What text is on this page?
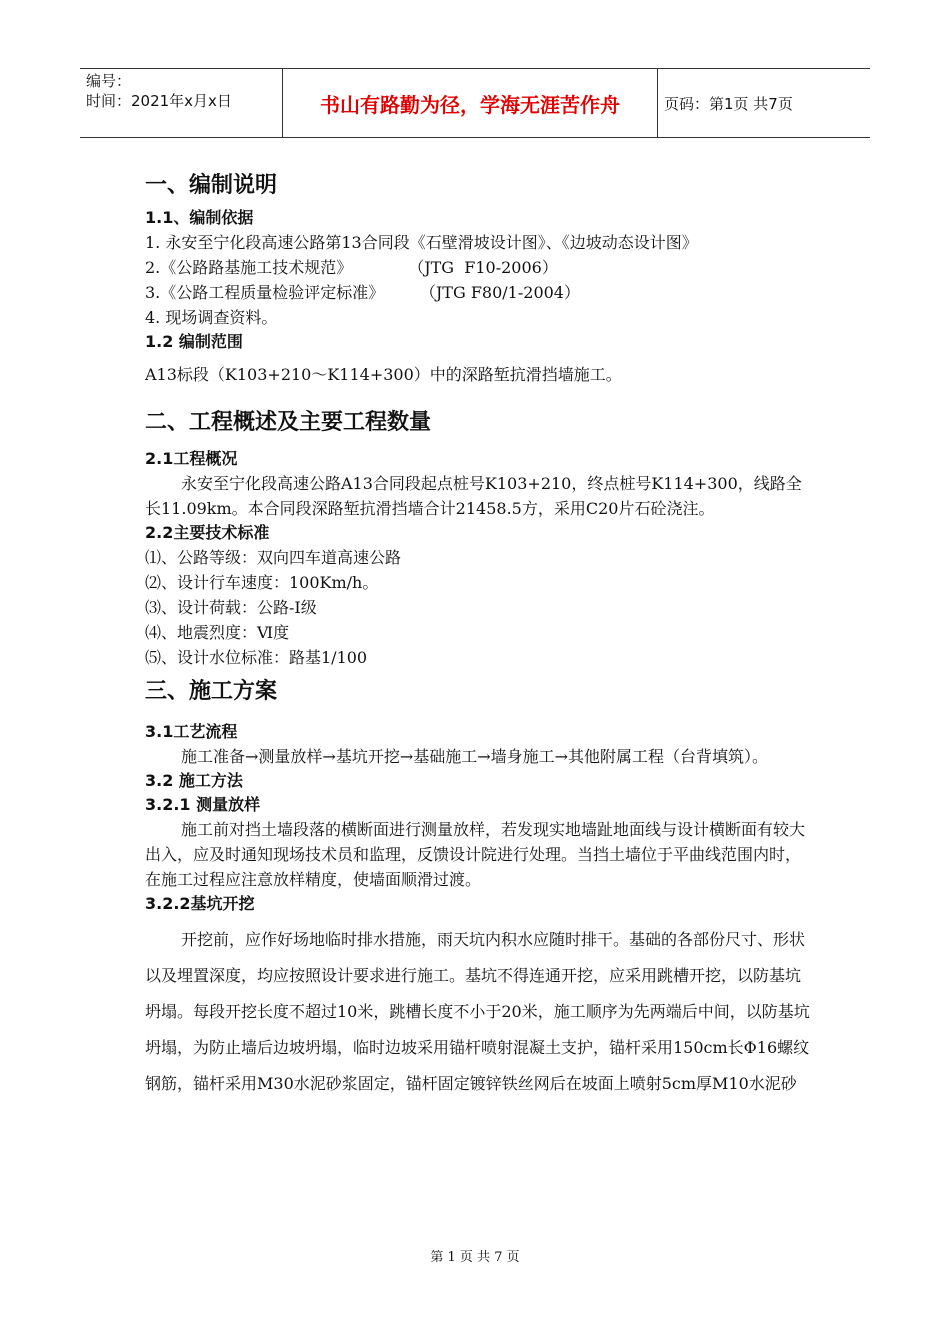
编号：
时间：2021年x月x日	书山有路勤为径，学海无涯苦作舟	页码：第1页 共7页
一、编制说明
1.1、编制依据
1. 永安至宁化段高速公路第13合同段《石壁滑坡设计图》、《边坡动态设计图》
2.《公路路基施工技术规范》           （JTG  F10-2006）
3.《公路工程质量检验评定标准》       （JTG F80/1-2004）
4. 现场调查资料。
1.2 编制范围
A13标段（K103+210～K114+300）中的深路堑抗滑挡墙施工。
二、工程概述及主要工程数量
2.1工程概况
永安至宁化段高速公路A13合同段起点桩号K103+210，终点桩号K114+300，线路全长11.09km。本合同段深路堑抗滑挡墙合计21458.5方，采用C20片石砼浇注。
2.2主要技术标准
⑴、公路等级：双向四车道高速公路
⑵、设计行车速度：100Km/h。
⑶、设计荷载：公路-Ⅰ级
⑷、地震烈度：Ⅵ度
⑸、设计水位标准：路基1/100
三、施工方案
3.1工艺流程
施工准备→测量放样→基坑开挖→基础施工→墙身施工→其他附属工程（台背填筑）。
3.2 施工方法
3.2.1 测量放样
施工前对挡土墙段落的横断面进行测量放样，若发现实地墙趾地面线与设计横断面有较大出入，应及时通知现场技术员和监理，反馈设计院进行处理。当挡土墙位于平曲线范围内时，在施工过程应注意放样精度，使墙面顺滑过渡。
3.2.2基坑开挖
开挖前，应作好场地临时排水措施，雨天坑内积水应随时排干。基础的各部份尺寸、形状以及埋置深度，均应按照设计要求进行施工。基坑不得连通开挖，应采用跳槽开挖，以防基坑坍塌。每段开挖长度不超过10米，跳槽长度不小于20米，施工顺序为先两端后中间，以防基坑坍塌，为防止墙后边坡坍塌，临时边坡采用锚杆喷射混凝土支护，锚杆采用150cm长Φ16螺纹钢筋，锚杆采用M30水泥砂浆固定，锚杆固定镀锌铁丝网后在坡面上喷射5cm厚M10水泥砂
第 1 页 共 7 页
